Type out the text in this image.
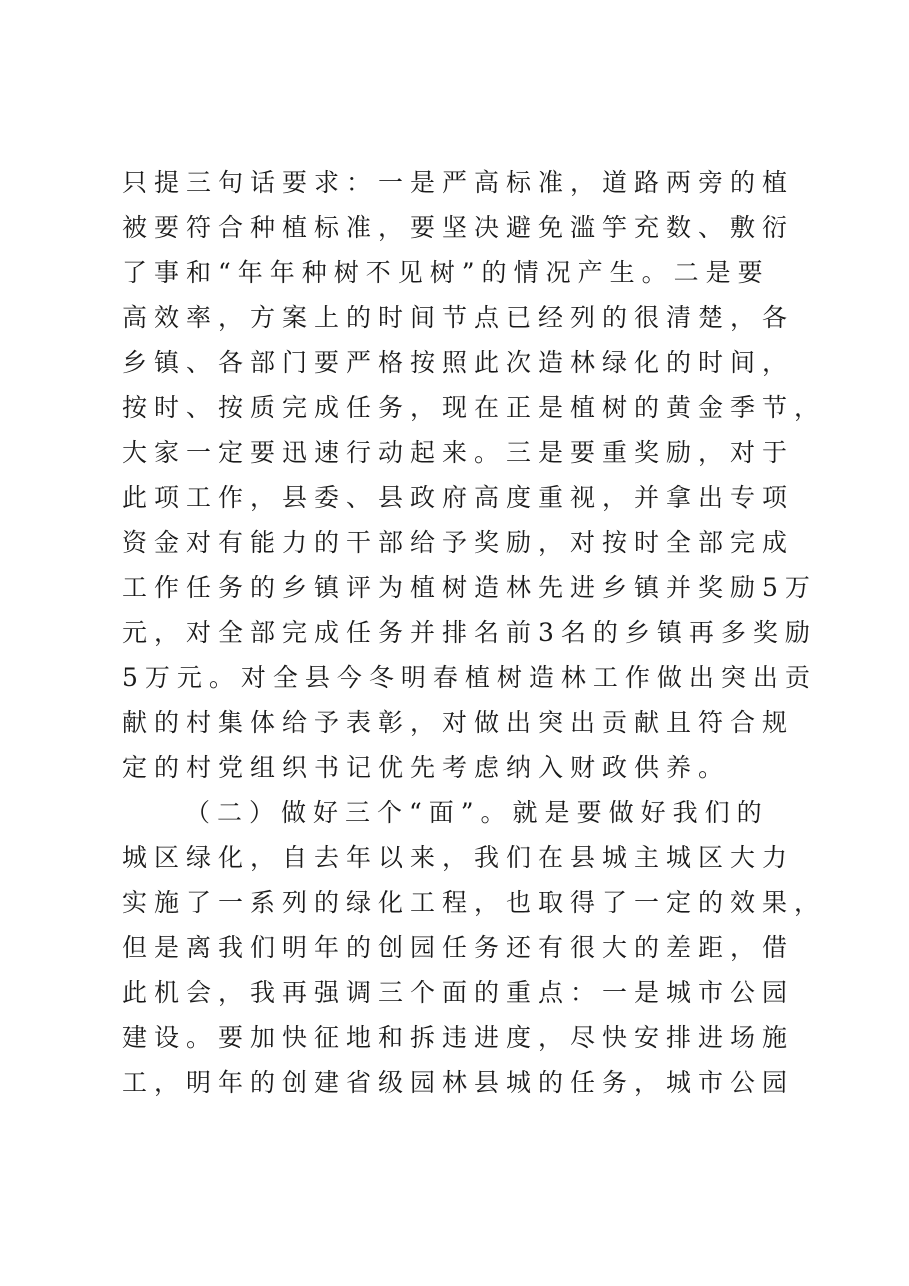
只提三句话要求：一是严高标准，道路两旁的植
被要符合种植标准，要坚决避免滥竽充数、敷衍
了事和“年年种树不见树”的情况产生。二是要
高效率，方案上的时间节点已经列的很清楚，各
乡镇、各部门要严格按照此次造林绿化的时间，
按时、按质完成任务，现在正是植树的黄金季节，
大家一定要迅速行动起来。三是要重奖励，对于
此项工作，县委、县政府高度重视，并拿出专项
资金对有能力的干部给予奖励，对按时全部完成
工作任务的乡镇评为植树造林先进乡镇并奖励5万
元，对全部完成任务并排名前3名的乡镇再多奖励
5万元。对全县今冬明春植树造林工作做出突出贡
献的村集体给予表彰，对做出突出贡献且符合规
定的村党组织书记优先考虑纳入财政供养。
（二）做好三个“面”。就是要做好我们的
城区绿化，自去年以来，我们在县城主城区大力
实施了一系列的绿化工程，也取得了一定的效果，
但是离我们明年的创园任务还有很大的差距，借
此机会，我再强调三个面的重点：一是城市公园
建设。要加快征地和拆违进度，尽快安排进场施
工，明年的创建省级园林县城的任务，城市公园
